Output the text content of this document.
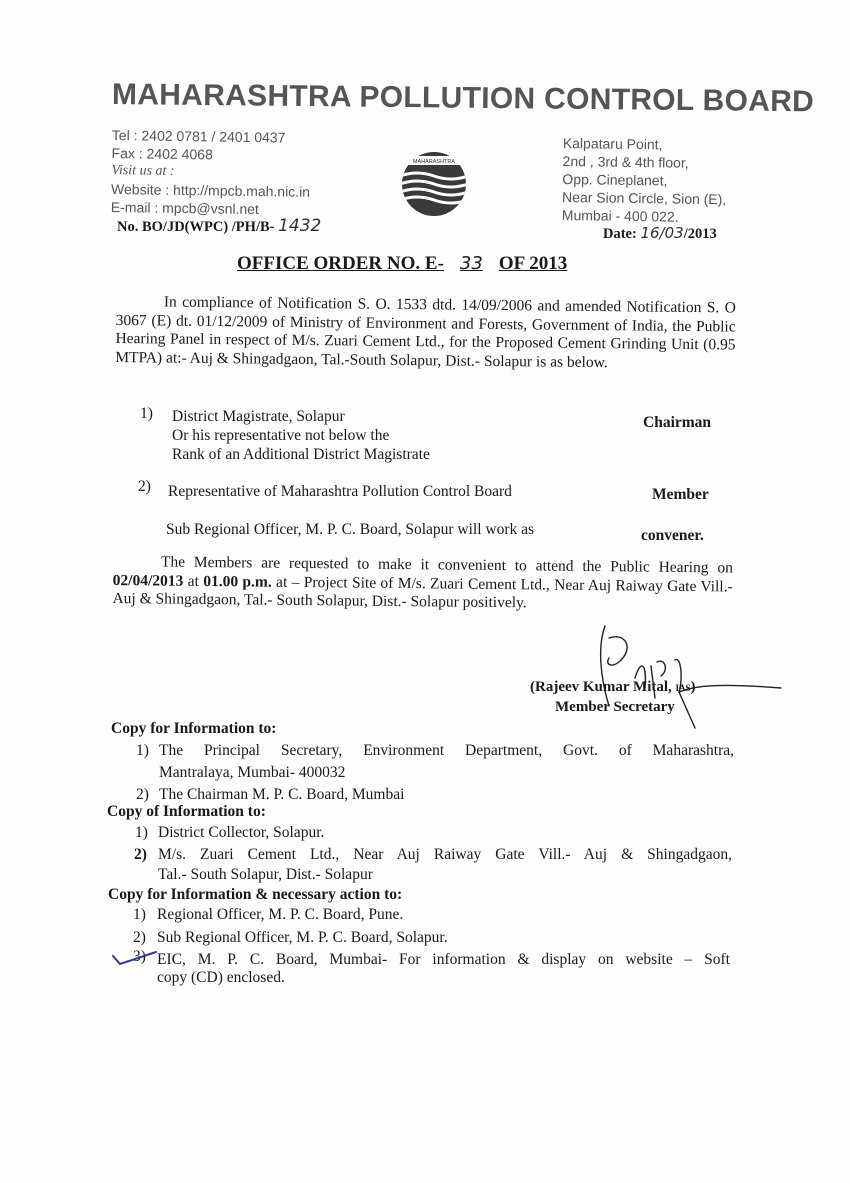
MAHARASHTRA POLLUTION CONTROL BOARD
Tel : 2402 0781 / 2401 0437
Fax : 2402 4068
Visit us at :
Website : http://mpcb.mah.nic.in
E-mail : mpcb@vsnl.net
MAHARASHTRA
Kalpataru Point,
2nd , 3rd & 4th floor,
Opp. Cineplanet,
Near Sion Circle, Sion (E),
Mumbai - 400 022.
No. BO/JD(WPC) /PH/B- 1432	Date: 16/03/2013
OFFICE ORDER NO. E- 33 OF 2013
In compliance of Notification S. O. 1533 dtd. 14/09/2006 and amended Notification S. O 3067 (E) dt. 01/12/2009 of Ministry of Environment and Forests, Government of India, the Public Hearing Panel in respect of M/s. Zuari Cement Ltd., for the Proposed Cement Grinding Unit (0.95 MTPA) at:- Auj & Shingadgaon, Tal.-South Solapur, Dist.- Solapur is as below.
1) District Magistrate, Solapur
Or his representative not below the
Rank of an Additional District Magistrate
Chairman
2) Representative of Maharashtra Pollution Control Board	Member
Sub Regional Officer, M. P. C. Board, Solapur will work as	convener.
The Members are requested to make it convenient to attend the Public Hearing on 02/04/2013 at 01.00 p.m. at – Project Site of M/s. Zuari Cement Ltd., Near Auj Raiway Gate Vill.- Auj & Shingadgaon, Tal.- South Solapur, Dist.- Solapur positively.
(Rajeev Kumar Mital, IAS)
Member Secretary
Copy for Information to:
1) The Principal Secretary, Environment Department, Govt. of Maharashtra,
Mantralaya, Mumbai- 400032
2) The Chairman M. P. C. Board, Mumbai
Copy of Information to:
1) District Collector, Solapur.
2) M/s. Zuari Cement Ltd., Near Auj Raiway Gate Vill.- Auj & Shingadgaon,
Tal.- South Solapur, Dist.- Solapur
Copy for Information & necessary action to:
1) Regional Officer, M. P. C. Board, Pune.
2) Sub Regional Officer, M. P. C. Board, Solapur.
3) EIC, M. P. C. Board, Mumbai- For information & display on website – Soft
copy (CD) enclosed.
